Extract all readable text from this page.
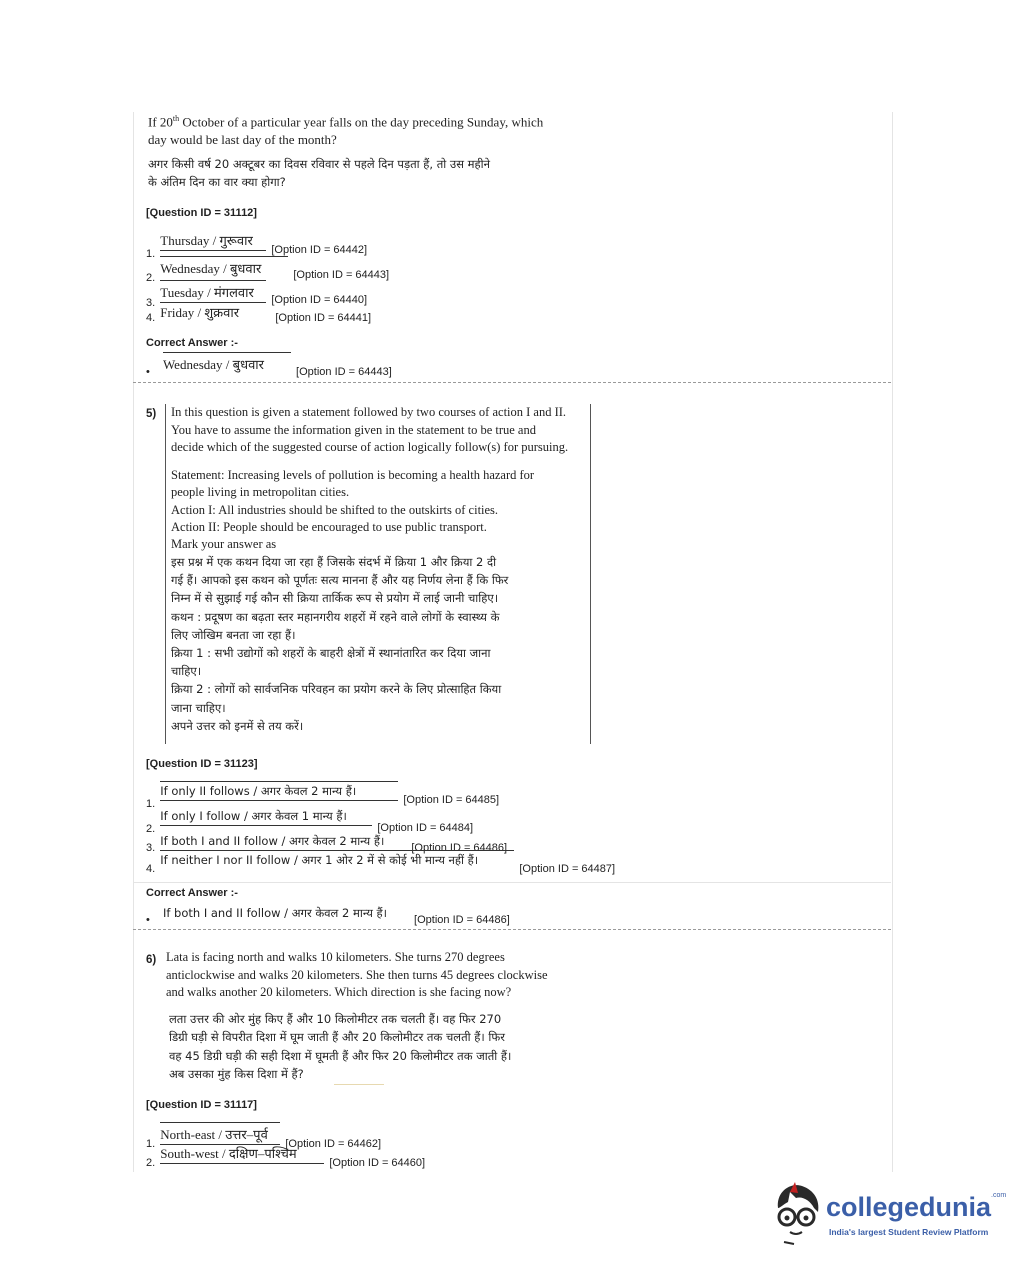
If 20th October of a particular year falls on the day preceding Sunday, which
day would be last day of the month?
अगर किसी वर्ष 20 अक्टूबर का दिवस रविवार से पहले दिन पड़ता हैं, तो उस महीने
के अंतिम दिन का वार क्या होगा?
[Question ID = 31112]
$_{1.}$ Thursday / गुरूवार $_{[Option ID = 64442]}$
$_{2.}$ Wednesday / बुधवार	$_{[Option ID = 64443]}$
$_{3.}$ Tuesday / मंगलवार $_{[Option ID = 64440]}$
$_{4.}$ Friday / शुक्रवार	$_{[Option ID = 64441]}$
Correct Answer :-
$_•$ Wednesday / बुधवार	$_{[Option ID = 64443]}$
5) In this question is given a statement followed by two courses of action I and II.
You have to assume the information given in the statement to be true and
decide which of the suggested course of action logically follow(s) for pursuing.
Statement: Increasing levels of pollution is becoming a health hazard for
people living in metropolitan cities.
Action I: All industries should be shifted to the outskirts of cities.
Action II: People should be encouraged to use public transport.
Mark your answer as
इस प्रश्न में एक कथन दिया जा रहा हैं जिसके संदर्भ में क्रिया 1 और क्रिया 2 दी
गई हैं। आपको इस कथन को पूर्णतः सत्य मानना हैं और यह निर्णय लेना हैं कि फिर
निम्न में से सुझाई गई कौन सी क्रिया तार्किक रूप से प्रयोग में लाई जानी चाहिए।
कथन : प्रदूषण का बढ़ता स्तर महानगरीय शहरों में रहने वाले लोगों के स्वास्थ्य के
लिए जोखिम बनता जा रहा हैं।
क्रिया 1 : सभी उद्योगों को शहरों के बाहरी क्षेत्रों में स्थानांतारित कर दिया जाना
चाहिए।
क्रिया 2 : लोगों को सार्वजनिक परिवहन का प्रयोग करने के लिए प्रोत्साहित किया
जाना चाहिए।
अपने उत्तर को इनमें से तय करें।
[Question ID = 31123]
$_{1.}$ If only II follows / अगर केवल 2 मान्य हैं। $_{[Option ID = 64485]}$
$_{2.}$ If only I follow / अगर केवल 1 मान्य हैं। $_{[Option ID = 64484]}$
$_{3.}$ If both I and II follow / अगर केवल 2 मान्य हैं। $_{[Option ID = 64486]}$
$_{4.}$ If neither I nor II follow / अगर 1 ओर 2 में से कोई भी मान्य नहीं हैं। $_{[Option ID = 64487]}$
Correct Answer :-
$_•$ If both I and II follow / अगर केवल 2 मान्य हैं। $_{[Option ID = 64486]}$
6) Lata is facing north and walks 10 kilometers. She turns 270 degrees
anticlockwise and walks 20 kilometers. She then turns 45 degrees clockwise
and walks another 20 kilometers. Which direction is she facing now?
लता उत्तर की ओर मुंह किए हैं और 10 किलोमीटर तक चलती हैं। वह फिर 270
डिग्री घड़ी से विपरीत दिशा में घूम जाती हैं और 20 किलोमीटर तक चलती हैं। फिर
वह 45 डिग्री घड़ी की सही दिशा में घूमती हैं और फिर 20 किलोमीटर तक जाती हैं।
अब उसका मुंह किस दिशा में हैं?
[Question ID = 31117]
$_{1.}$ North-east / उत्तर–पूर्व $_{[Option ID = 64462]}$
$_{2.}$ South-west / दक्षिण–पश्चिम $_{[Option ID = 64460]}$
collegedunia$^{.com}$
India's largest Student Review Platform
